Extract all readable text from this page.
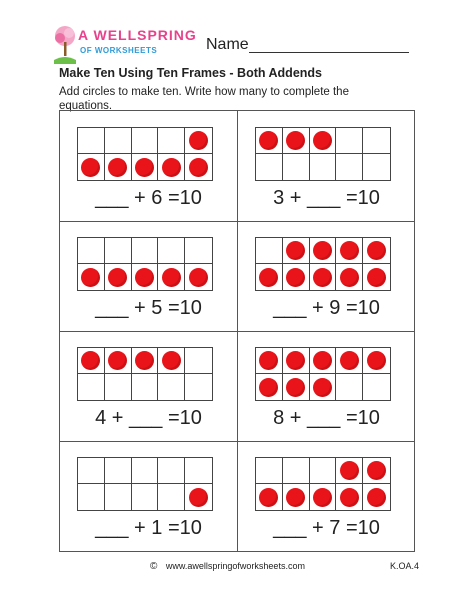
A WELLSPRING
OF WORKSHEETS	Name
Make Ten Using Ten Frames - Both Addends
Add circles to make ten. Write how many to complete the equations.
___ + 6 =10	3 + ___ =10
___ + 5 =10	___ + 9 =10
4 + ___ =10	8 + ___ =10
___ + 1 =10	___ + 7 =10
© www.awellspringofworksheets.com	K.OA.4
